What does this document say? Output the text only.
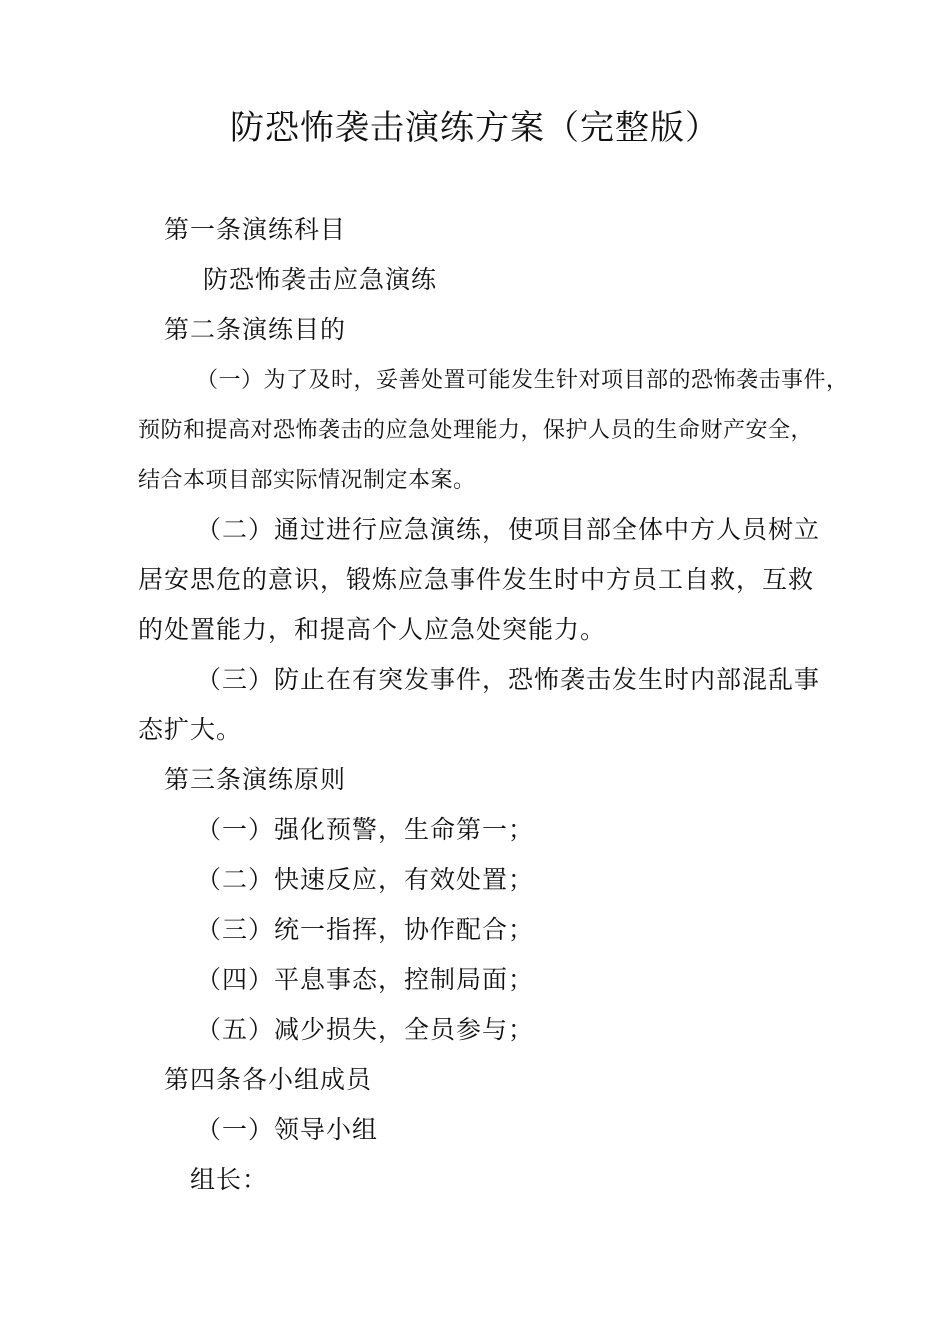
防恐怖袭击演练方案（完整版）
第一条演练科目
防恐怖袭击应急演练
第二条演练目的
（一）为了及时，妥善处置可能发生针对项目部的恐怖袭击事件，
预防和提高对恐怖袭击的应急处理能力，保护人员的生命财产安全，
结合本项目部实际情况制定本案。
（二）通过进行应急演练，使项目部全体中方人员树立
居安思危的意识，锻炼应急事件发生时中方员工自救，互救
的处置能力，和提高个人应急处突能力。
（三）防止在有突发事件，恐怖袭击发生时内部混乱事
态扩大。
第三条演练原则
（一）强化预警，生命第一；
（二）快速反应，有效处置；
（三）统一指挥，协作配合；
（四）平息事态，控制局面；
（五）减少损失，全员参与；
第四条各小组成员
（一）领导小组
组长：
